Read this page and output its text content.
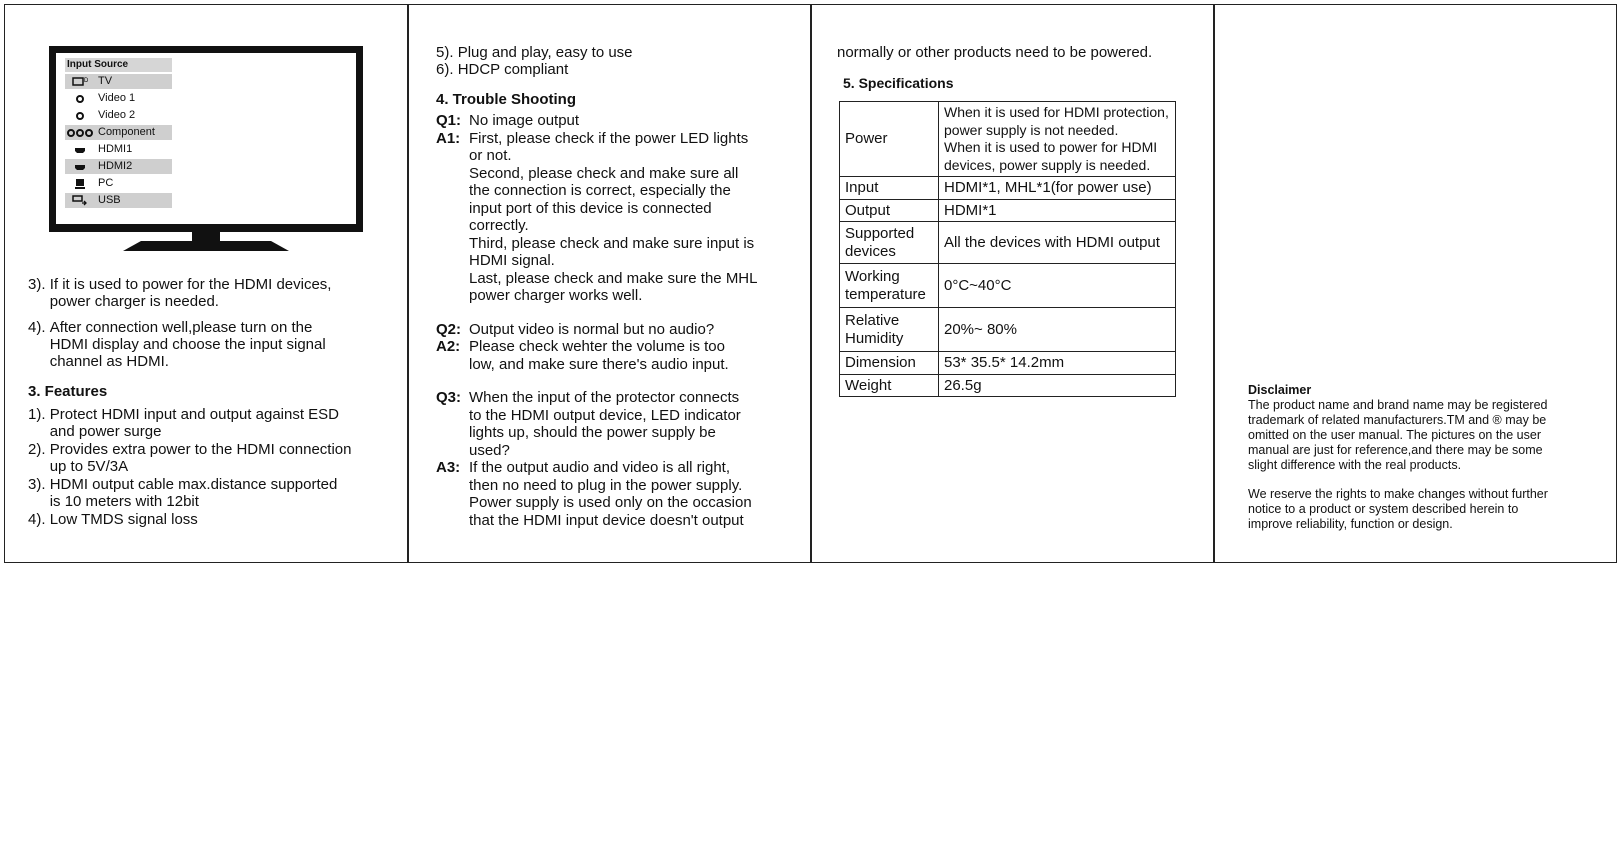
Input Source
D TV
Video 1
Video 2
Component
HDMI1
HDMI2
PC
USB
3). If it is used to power for the HDMI devices,
power charger is needed.
4). After connection well,please turn on the
HDMI display and choose the input signal
channel as HDMI.
3. Features
1). Protect HDMI input and output against ESD
and power surge
2). Provides extra power to the HDMI connection
up to 5V/3A
3). HDMI output cable max.distance supported
is 10 meters with 12bit
4). Low TMDS signal loss
5). Plug and play, easy to use
6). HDCP compliant
4. Trouble Shooting
Q1: No image output

A1: First, please check if the power LED lights

or not.

Second, please check and make sure all

the connection is correct, especially the

input port of this device is connected

correctly.

Third, please check and make sure input is

HDMI signal.

Last, please check and make sure the MHL

power charger works well.

Q2: Output video is normal but no audio?

A2: Please check wehter the volume is too

low, and make sure there's audio input.

Q3: When the input of the protector connects

to the HDMI output device, LED indicator

lights up, should the power supply be

used?

A3: If the output audio and video is all right,

then no need to plug in the power supply.

Power supply is used only on the occasion

that the HDMI input device doesn't output

normally or other products need to be powered.
5. Specifications
Power	When it is used for HDMI protection,
power supply is not needed.
When it is used to power for HDMI
devices, power supply is needed.

Input	HDMI*1, MHL*1(for power use)

Output	HDMI*1

Supported
devices	All the devices with HDMI output

Working
temperature	0°C~40°C

Relative
Humidity	20%~ 80%

Dimension	53* 35.5* 14.2mm

Weight	26.5g	Disclaimer

The product name and brand name may be registered
trademark of related manufacturers.TM and ® may be
omitted on the user manual. The pictures on the user
manual are just for reference,and there may be some
slight difference with the real products.

We reserve the rights to make changes without further
notice to a product or system described herein to
improve reliability, function or design.
